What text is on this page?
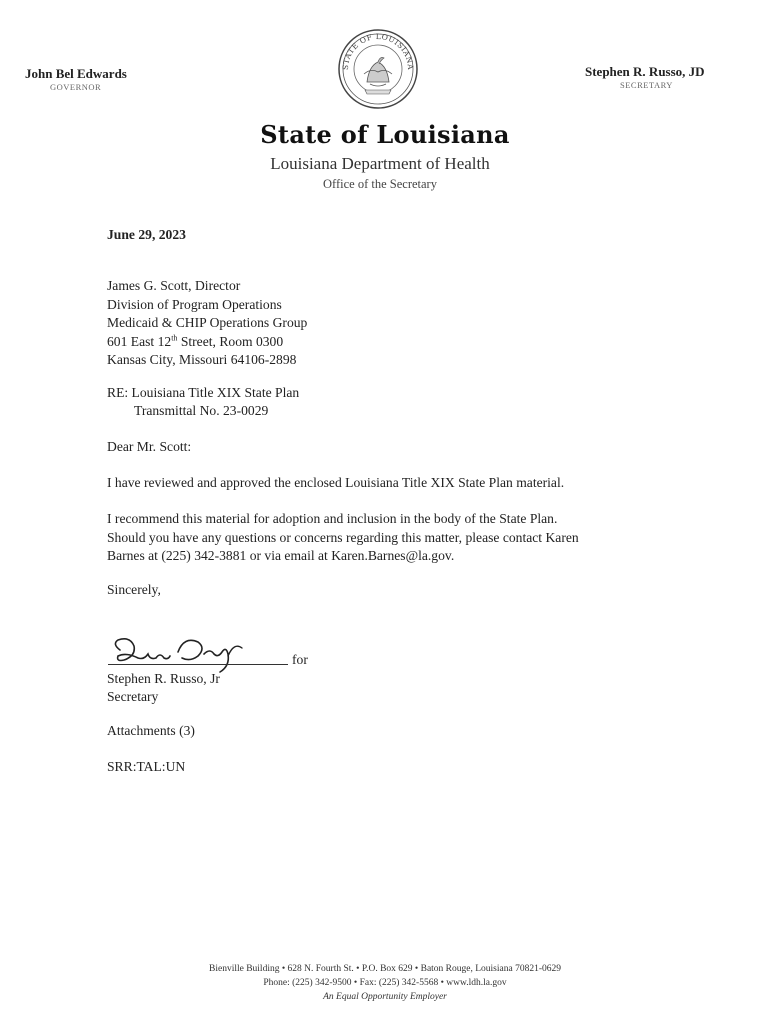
John Bel Edwards
GOVERNOR
Stephen R. Russo, JD
SECRETARY
STATE OF LOUISIANA
State of Louisiana
Louisiana Department of Health
Office of the Secretary
June 29, 2023
James G. Scott, Director
Division of Program Operations
Medicaid & CHIP Operations Group
601 East 12th Street, Room 0300
Kansas City, Missouri 64106-2898
RE: Louisiana Title XIX State Plan
Transmittal No. 23-0029
Dear Mr. Scott:
I have reviewed and approved the enclosed Louisiana Title XIX State Plan material.
I recommend this material for adoption and inclusion in the body of the State Plan.
Should you have any questions or concerns regarding this matter, please contact Karen
Barnes at (225) 342-3881 or via email at Karen.Barnes@la.gov.
Sincerely,
for
Stephen R. Russo, Jr
Secretary
Attachments (3)
SRR:TAL:UN
Bienville Building • 628 N. Fourth St. • P.O. Box 629 • Baton Rouge, Louisiana 70821-0629
Phone: (225) 342-9500 • Fax: (225) 342-5568 • www.ldh.la.gov
An Equal Opportunity Employer
